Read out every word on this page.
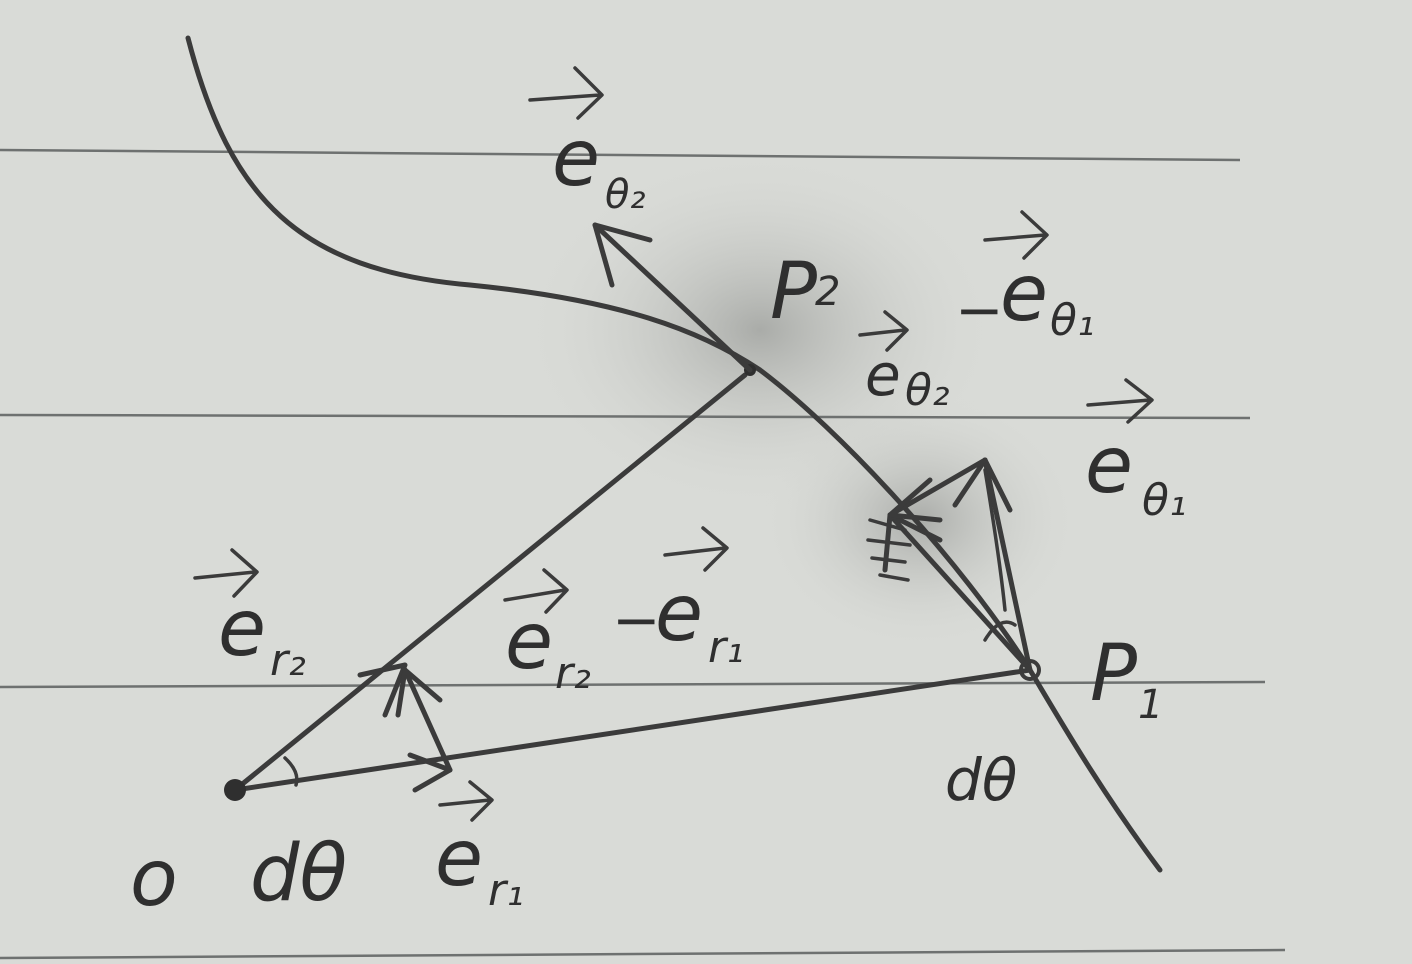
e θ₂
P
2
e θ₂
−
e θ₁
e θ₁
P 1
dθ
e r₂	e r₂
−
e r₁
o dθ e r₁
